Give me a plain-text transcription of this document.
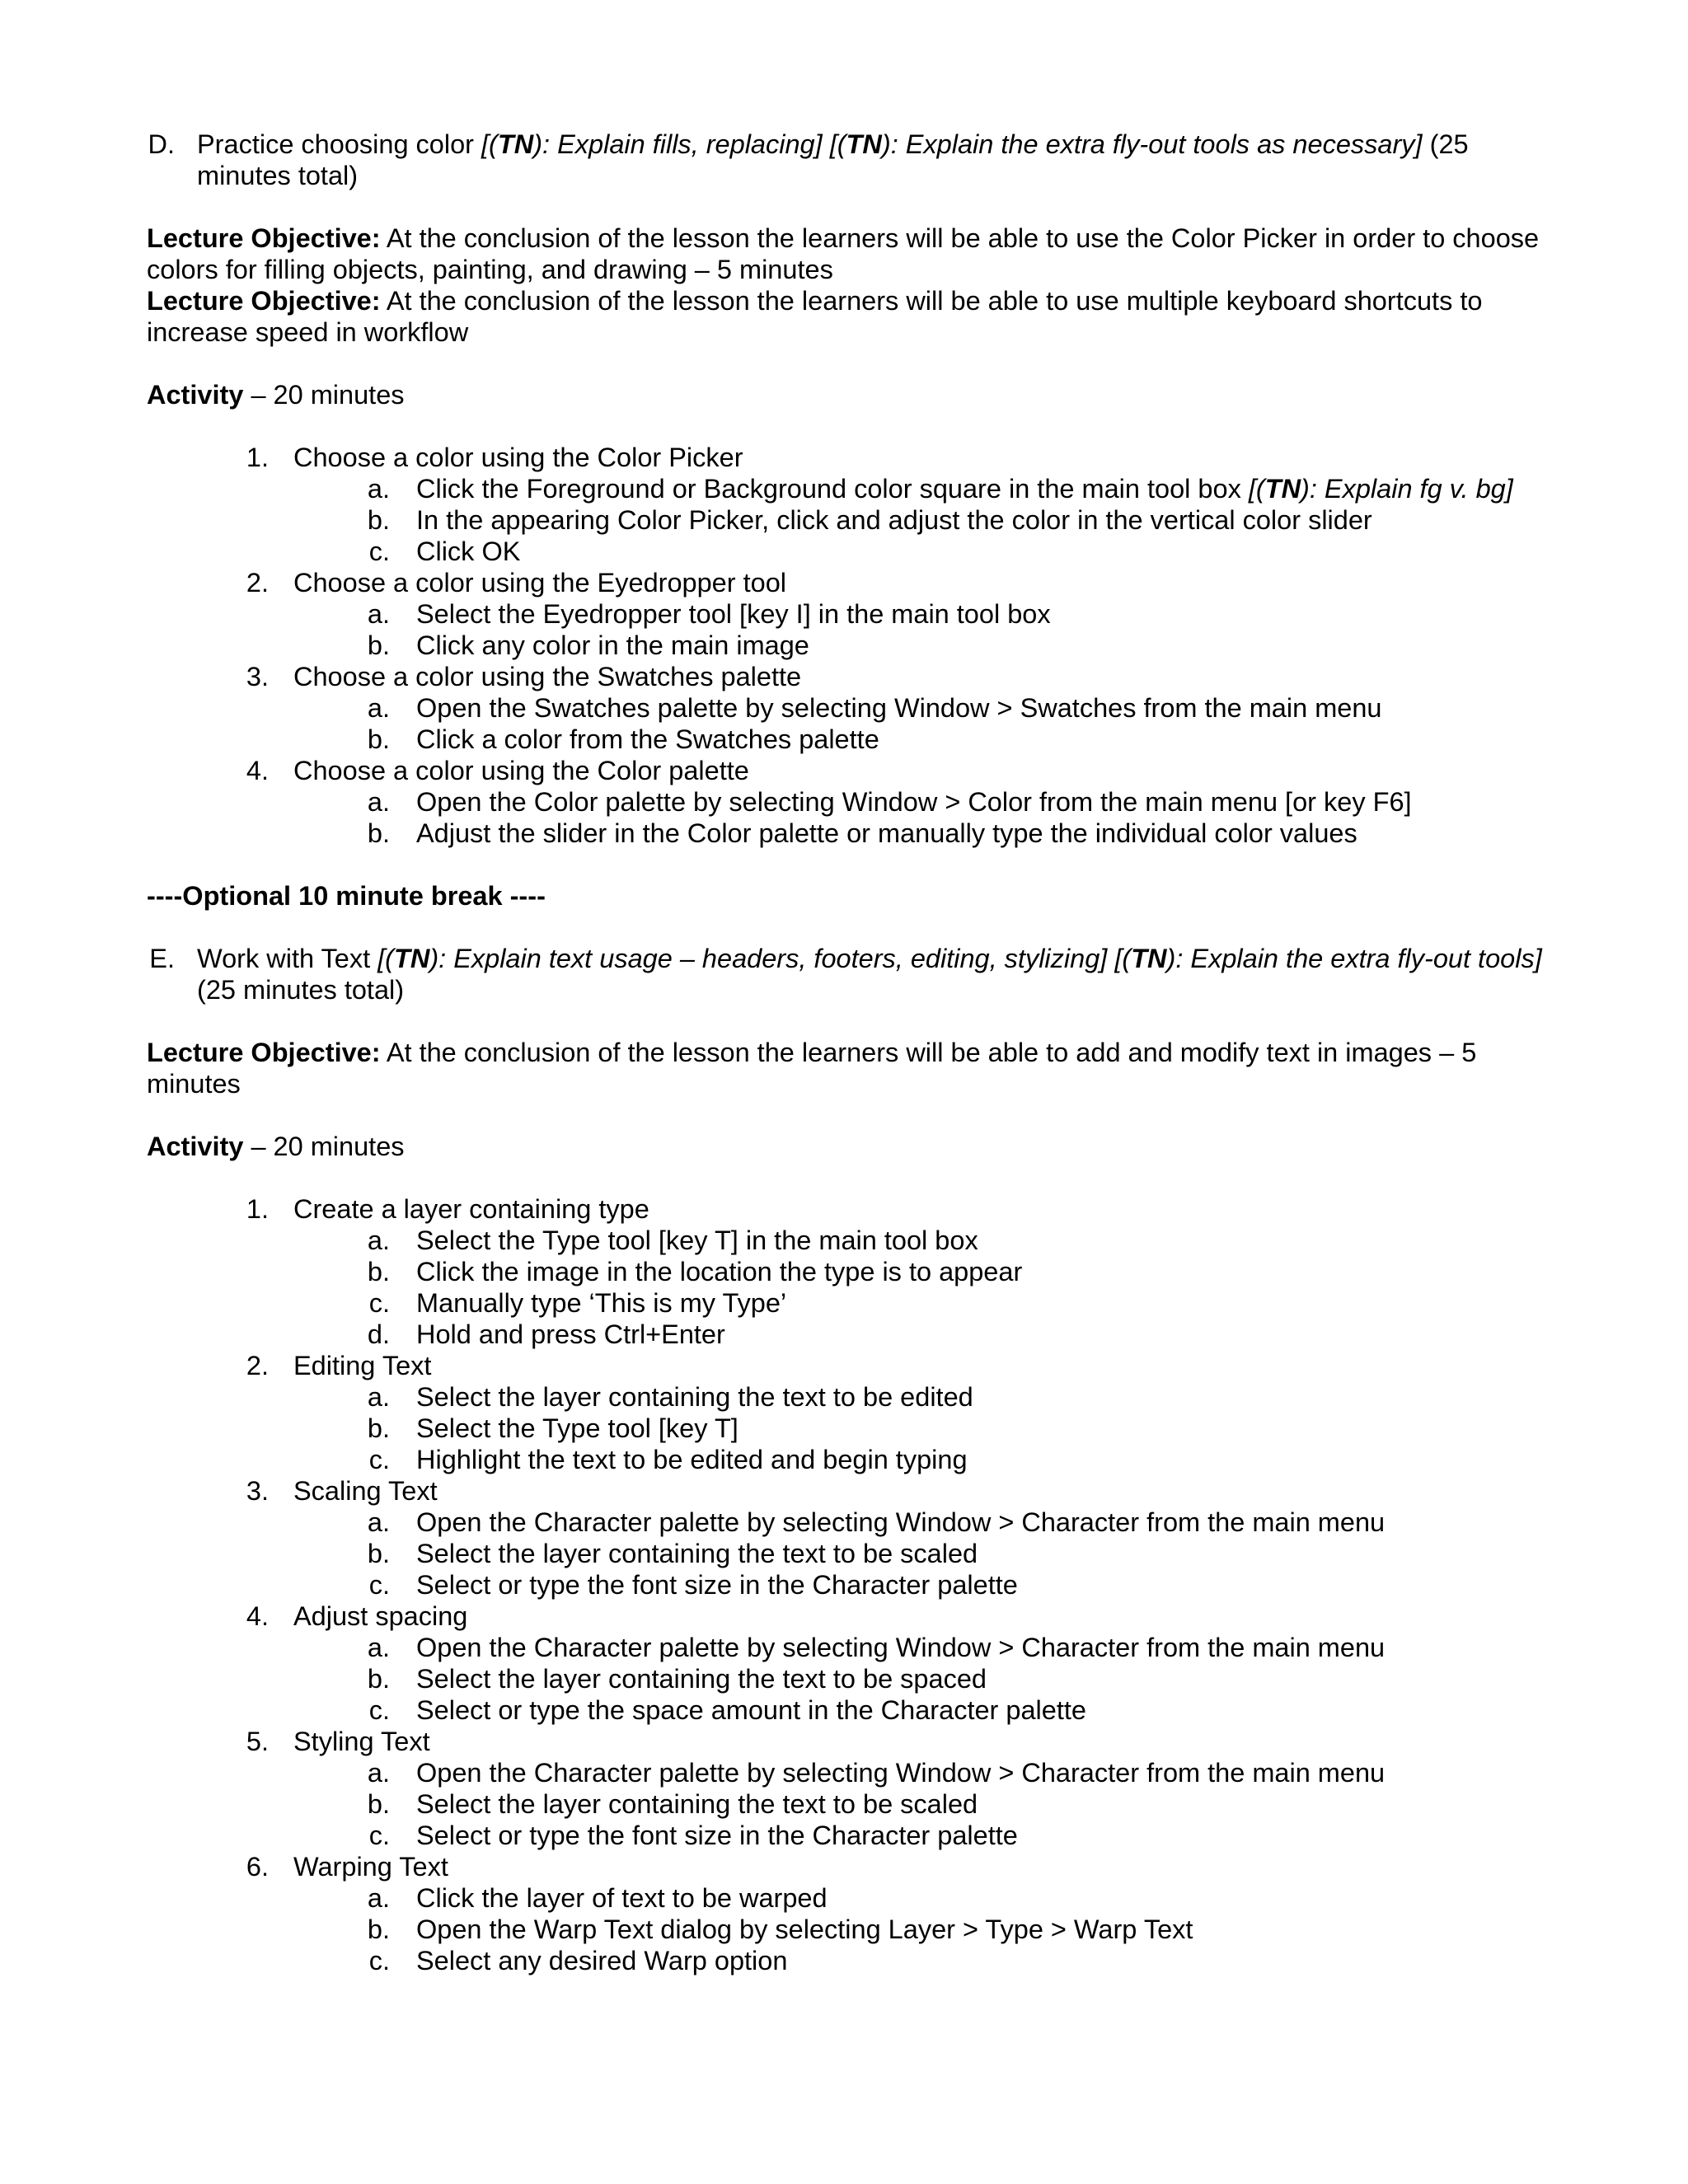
D. Practice choosing color [(TN): Explain fills, replacing] [(TN): Explain the extra fly-out tools as necessary] (25
minutes total)
Lecture Objective: At the conclusion of the lesson the learners will be able to use the Color Picker in order to choose
colors for filling objects, painting, and drawing – 5 minutes
Lecture Objective: At the conclusion of the lesson the learners will be able to use multiple keyboard shortcuts to
increase speed in workflow
Activity – 20 minutes
1. Choose a color using the Color Picker
a. Click the Foreground or Background color square in the main tool box [(TN): Explain fg v. bg]
b. In the appearing Color Picker, click and adjust the color in the vertical color slider
c. Click OK
2. Choose a color using the Eyedropper tool
a. Select the Eyedropper tool [key I] in the main tool box
b. Click any color in the main image
3. Choose a color using the Swatches palette
a. Open the Swatches palette by selecting Window > Swatches from the main menu
b. Click a color from the Swatches palette
4. Choose a color using the Color palette
a. Open the Color palette by selecting Window > Color from the main menu [or key F6]
b. Adjust the slider in the Color palette or manually type the individual color values
----Optional 10 minute break ----
E. Work with Text [(TN): Explain text usage – headers, footers, editing, stylizing] [(TN): Explain the extra fly-out tools]
(25 minutes total)
Lecture Objective: At the conclusion of the lesson the learners will be able to add and modify text in images – 5
minutes
Activity – 20 minutes
1. Create a layer containing type
a. Select the Type tool [key T] in the main tool box
b. Click the image in the location the type is to appear
c. Manually type ‘This is my Type’
d. Hold and press Ctrl+Enter
2. Editing Text
a. Select the layer containing the text to be edited
b. Select the Type tool [key T]
c. Highlight the text to be edited and begin typing
3. Scaling Text
a. Open the Character palette by selecting Window > Character from the main menu
b. Select the layer containing the text to be scaled
c. Select or type the font size in the Character palette
4. Adjust spacing
a. Open the Character palette by selecting Window > Character from the main menu
b. Select the layer containing the text to be spaced
c. Select or type the space amount in the Character palette
5. Styling Text
a. Open the Character palette by selecting Window > Character from the main menu
b. Select the layer containing the text to be scaled
c. Select or type the font size in the Character palette
6. Warping Text
a. Click the layer of text to be warped
b. Open the Warp Text dialog by selecting Layer > Type > Warp Text
c. Select any desired Warp option
